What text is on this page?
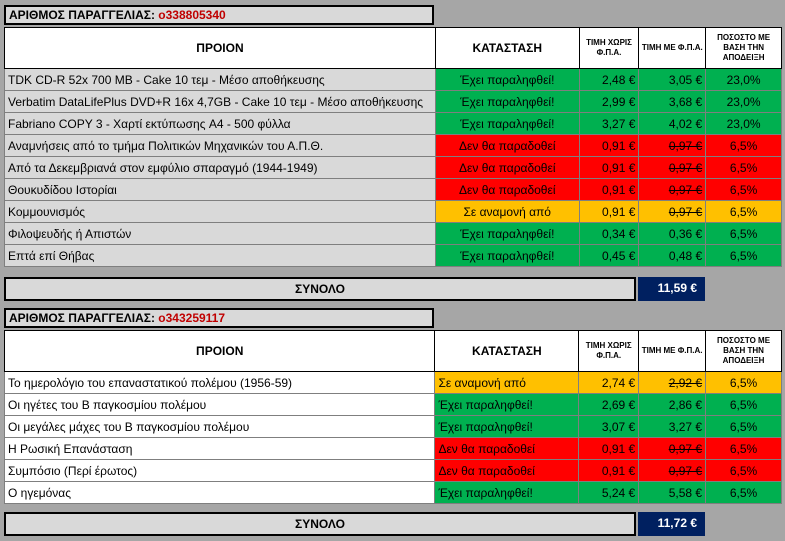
ΑΡΙΘΜΟΣ ΠΑΡΑΓΓΕΛΙΑΣ: o338805340
ΠΡΟΙΟΝ	ΚΑΤΑΣΤΑΣΗ	ΤΙΜΗ ΧΩΡΙΣ Φ.Π.Α.	ΤΙΜΗ ΜΕ Φ.Π.Α.	ΠΟΣΟΣΤΟ ΜΕ ΒΑΣΗ ΤΗΝ ΑΠΟΔΕΙΞΗ
TDK CD-R 52x 700 MB - Cake 10 τεμ - Μέσο αποθήκευσης	Έχει παραληφθεί!	2,48 €	3,05 €	23,0%
Verbatim DataLifePlus DVD+R 16x 4,7GB - Cake 10 τεμ - Μέσο αποθήκευσης	Έχει παραληφθεί!	2,99 €	3,68 €	23,0%
Fabriano COPY 3 - Χαρτί εκτύπωσης A4 - 500 φύλλα	Έχει παραληφθεί!	3,27 €	4,02 €	23,0%
Αναμνήσεις από το τμήμα Πολιτικών Μηχανικών του Α.Π.Θ.	Δεν θα παραδοθεί	0,91 €	0,97 €	6,5%
Από τα Δεκεμβριανά στον εμφύλιο σπαραγμό (1944-1949)	Δεν θα παραδοθεί	0,91 €	0,97 €	6,5%
Θουκυδίδου Ιστορίαι	Δεν θα παραδοθεί	0,91 €	0,97 €	6,5%
Κομμουνισμός	Σε αναμονή από	0,91 €	0,97 €	6,5%
Φιλοψευδής ή Απιστών	Έχει παραληφθεί!	0,34 €	0,36 €	6,5%
Επτά επί Θήβας	Έχει παραληφθεί!	0,45 €	0,48 €	6,5%
ΣΥΝΟΛΟ	11,59 €
ΑΡΙΘΜΟΣ ΠΑΡΑΓΓΕΛΙΑΣ: o343259117
ΠΡΟΙΟΝ	ΚΑΤΑΣΤΑΣΗ	ΤΙΜΗ ΧΩΡΙΣ Φ.Π.Α.	ΤΙΜΗ ΜΕ Φ.Π.Α.	ΠΟΣΟΣΤΟ ΜΕ ΒΑΣΗ ΤΗΝ ΑΠΟΔΕΙΞΗ
Το ημερολόγιο του επαναστατικού πολέμου (1956-59)	Σε αναμονή από	2,74 €	2,92 €	6,5%
Οι ηγέτες του Β παγκοσμίου πολέμου	Έχει παραληφθεί!	2,69 €	2,86 €	6,5%
Οι μεγάλες μάχες του Β παγκοσμίου πολέμου	Έχει παραληφθεί!	3,07 €	3,27 €	6,5%
Η Ρωσική Επανάσταση	Δεν θα παραδοθεί	0,91 €	0,97 €	6,5%
Συμπόσιο (Περί έρωτος)	Δεν θα παραδοθεί	0,91 €	0,97 €	6,5%
Ο ηγεμόνας	Έχει παραληφθεί!	5,24 €	5,58 €	6,5%
ΣΥΝΟΛΟ	11,72 €
